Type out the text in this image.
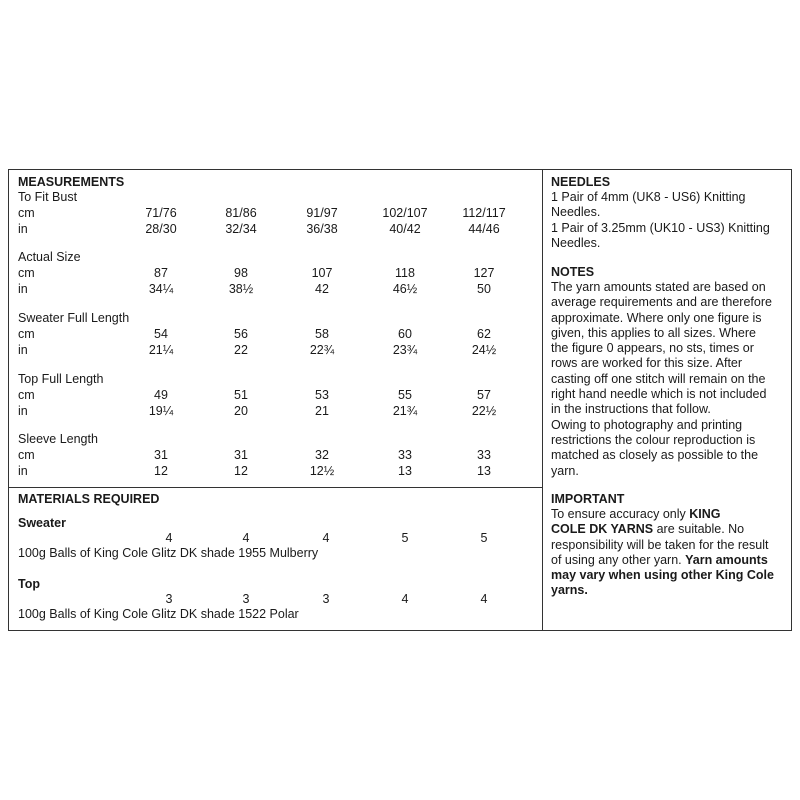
MEASUREMENTS
To Fit Bust
cm	71/76	81/86	91/97	102/107	112/117
in	28/30	32/34	36/38	40/42	44/46
Actual Size
cm	87	98	107	118	127
in	34¼	38½	42	46½	50
Sweater Full Length
cm	54	56	58	60	62
in	21¼	22	22¾	23¾	24½
Top Full Length
cm	49	51	53	55	57
in	19¼	20	21	21¾	22½
Sleeve Length
cm	31	31	32	33	33
in	12	12	12½	13	13
MATERIALS REQUIRED
Sweater
4	4	4	5	5
100g Balls of King Cole Glitz DK shade 1955 Mulberry
Top
3	3	3	4	4
100g Balls of King Cole Glitz DK shade 1522 Polar
NEEDLES
1 Pair of 4mm (UK8 - US6) Knitting
Needles.
1 Pair of 3.25mm (UK10 - US3) Knitting
Needles.
NOTES
The yarn amounts stated are based on
average requirements and are therefore
approximate. Where only one figure is
given, this applies to all sizes. Where
the figure 0 appears, no sts, times or
rows are worked for this size. After
casting off one stitch will remain on the
right hand needle which is not included
in the instructions that follow.
Owing to photography and printing
restrictions the colour reproduction is
matched as closely as possible to the
yarn.
IMPORTANT
To ensure accuracy only KING
COLE DK YARNS are suitable. No
responsibility will be taken for the result
of using any other yarn. Yarn amounts
may vary when using other King Cole
yarns.
